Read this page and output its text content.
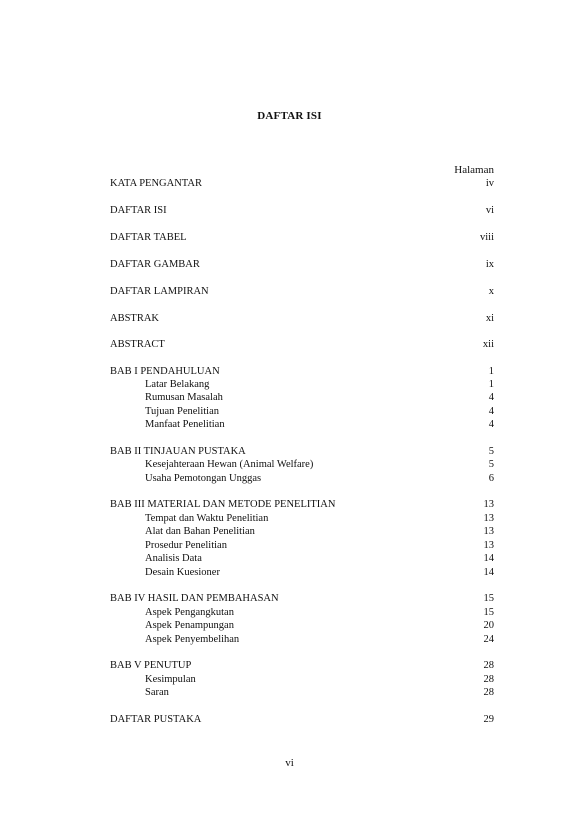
DAFTAR ISI
Halaman
KATA PENGANTAR	iv
DAFTAR ISI	vi
DAFTAR TABEL	viii
DAFTAR GAMBAR	ix
DAFTAR LAMPIRAN	x
ABSTRAK	xi
ABSTRACT	xii
BAB I PENDAHULUAN	1
Latar Belakang	1
Rumusan Masalah	4
Tujuan Penelitian	4
Manfaat Penelitian	4
BAB II TINJAUAN PUSTAKA	5
Kesejahteraan Hewan (Animal Welfare)	5
Usaha Pemotongan Unggas	6
BAB III MATERIAL DAN METODE PENELITIAN	13
Tempat dan Waktu Penelitian	13
Alat dan Bahan Penelitian	13
Prosedur Penelitian	13
Analisis Data	14
Desain Kuesioner	14
BAB IV HASIL DAN PEMBAHASAN	15
Aspek Pengangkutan	15
Aspek Penampungan	20
Aspek Penyembelihan	24
BAB V PENUTUP	28
Kesimpulan	28
Saran	28
DAFTAR PUSTAKA	29
vi
